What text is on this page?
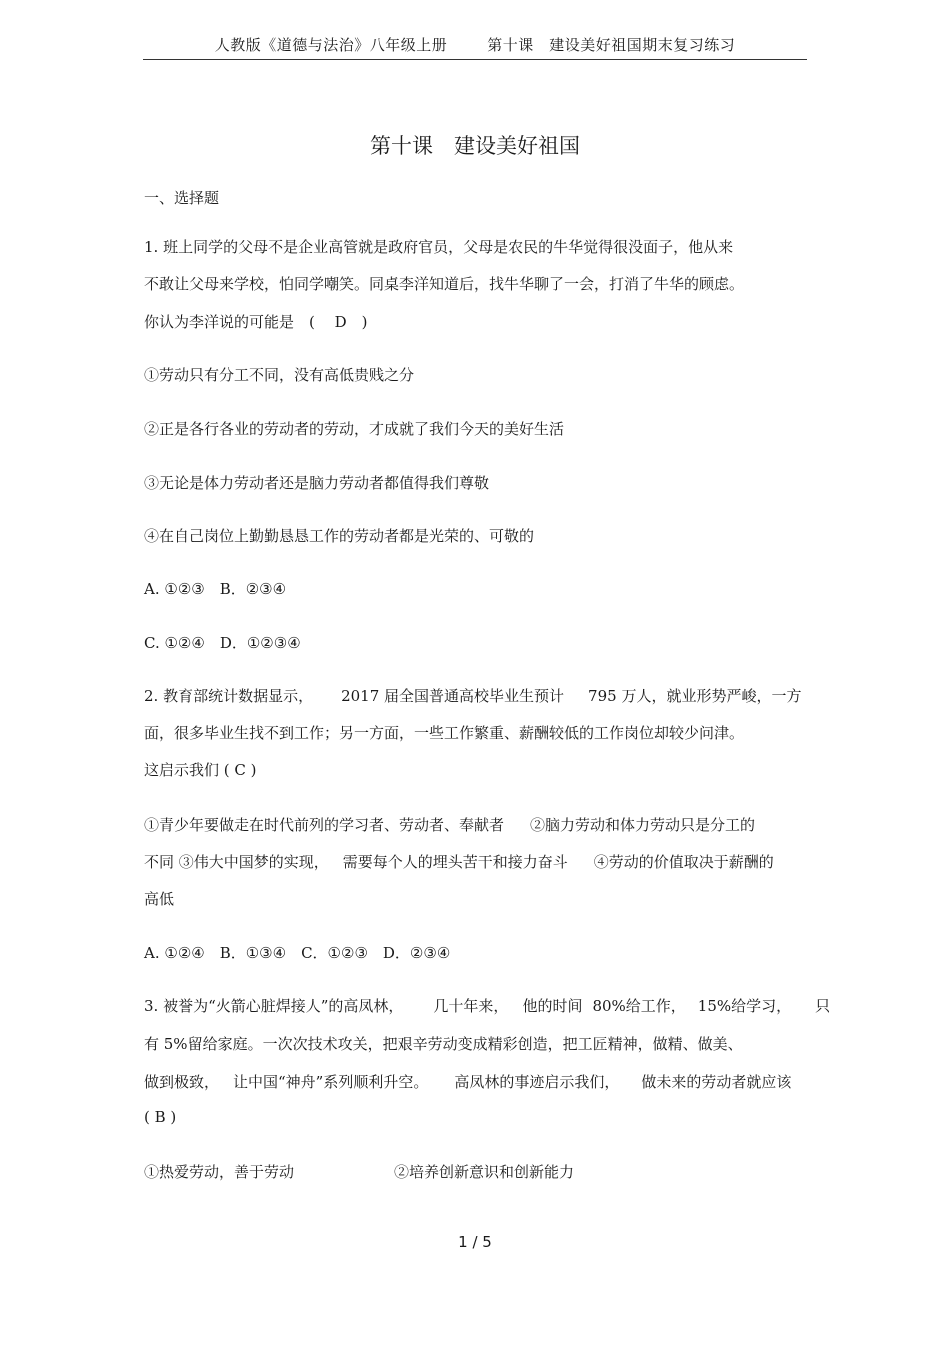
人教版《道德与法治》八年级上册	第十课　建设美好祖国期末复习练习
第十课　建设美好祖国
一、选择题
1. 班上同学的父母不是企业高管就是政府官员，父母是农民的牛华觉得很没面子，他从来
不敢让父母来学校，怕同学嘲笑。同桌李洋知道后，找牛华聊了一会，打消了牛华的顾虑。
你认为李洋说的可能是　(　 D　)
①劳动只有分工不同，没有高低贵贱之分
②正是各行各业的劳动者的劳动，才成就了我们今天的美好生活
③无论是体力劳动者还是脑力劳动者都值得我们尊敬
④在自己岗位上勤勤恳恳工作的劳动者都是光荣的、可敬的
A. ①②③　B．②③④
C. ①②④　D．①②③④
2. 教育部统计数据显示， 2017 届全国普通高校毕业生预计 795 万人，就业形势严峻，一方
面，很多毕业生找不到工作；另一方面，一些工作繁重、薪酬较低的工作岗位却较少问津。
这启示我们 ( C )
①青少年要做走在时代前列的学习者、劳动者、奉献者 ②脑力劳动和体力劳动只是分工的
不同 ③伟大中国梦的实现， 需要每个人的埋头苦干和接力奋斗 ④劳动的价值取决于薪酬的
高低
A. ①②④　B．①③④　C．①②③　D．②③④
3. 被誉为“火箭心脏焊接人”的高凤林， 几十年来， 他的时间 80%给工作， 15%给学习， 只
有 5%留给家庭。一次次技术攻关，把艰辛劳动变成精彩创造，把工匠精神，做精、做美、
做到极致， 让中国“神舟”系列顺利升空。 高凤林的事迹启示我们， 做未来的劳动者就应该
( B )
①热爱劳动，善于劳动	②培养创新意识和创新能力
1 / 5
